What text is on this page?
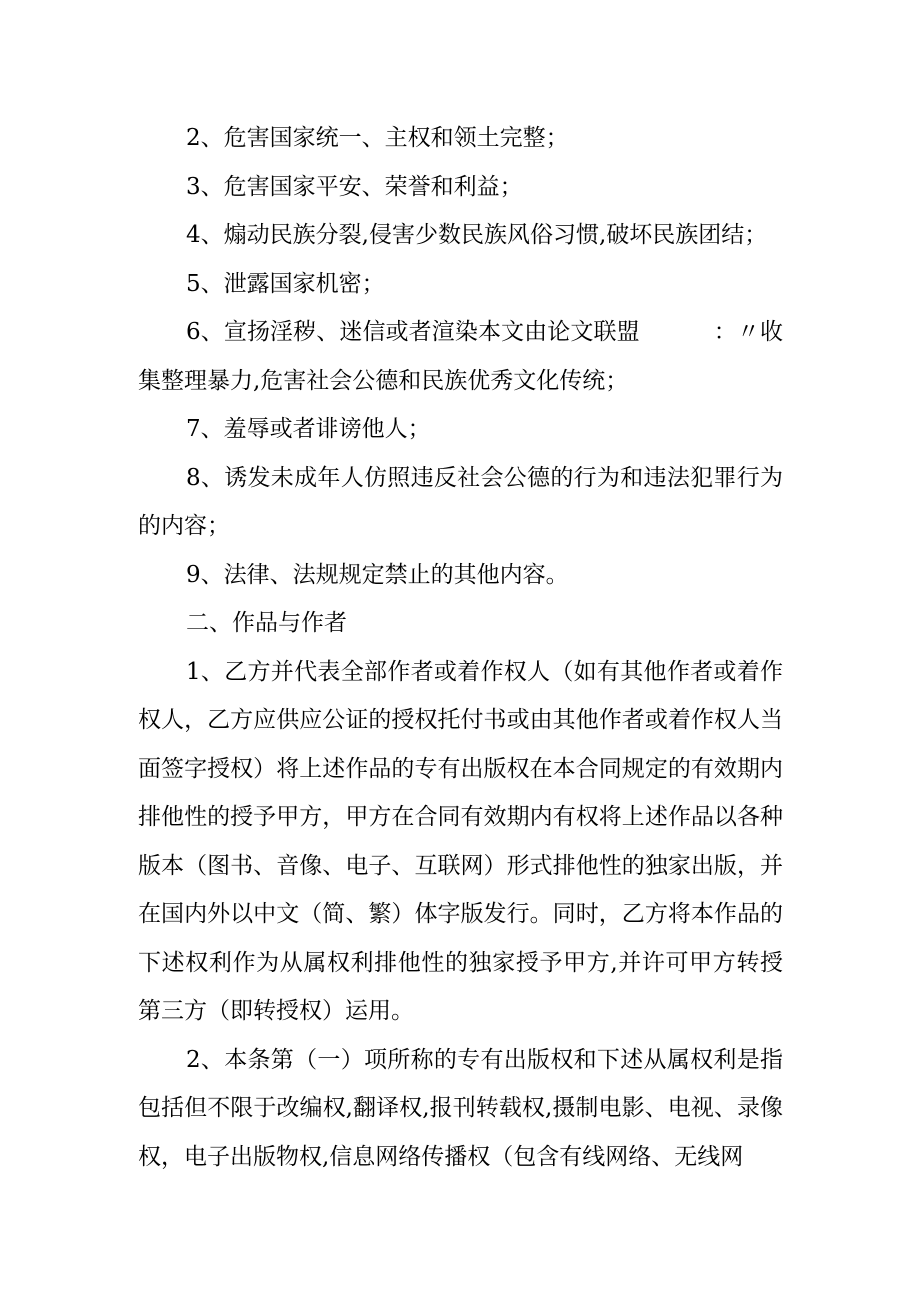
2、危害国家统一、主权和领土完整；

3、危害国家平安、荣誉和利益；

4、煽动民族分裂,侵害少数民族风俗习惯,破坏民族团结；

5、泄露国家机密；

6、宣扬淫秽、迷信或者渲染本文由论文联盟          ：〃收集整理暴力,危害社会公德和民族优秀文化传统；

7、羞辱或者诽谤他人；

8、诱发未成年人仿照违反社会公德的行为和违法犯罪行为的内容；

9、法律、法规规定禁止的其他内容。

二、作品与作者

1、乙方并代表全部作者或着作权人（如有其他作者或着作权人，乙方应供应公证的授权托付书或由其他作者或着作权人当面签字授权）将上述作品的专有出版权在本合同规定的有效期内排他性的授予甲方，甲方在合同有效期内有权将上述作品以各种版本（图书、音像、电子、互联网）形式排他性的独家出版，并在国内外以中文（简、繁）体字版发行。同时，乙方将本作品的下述权利作为从属权利排他性的独家授予甲方,并许可甲方转授第三方（即转授权）运用。

2、本条第（一）项所称的专有出版权和下述从属权利是指包括但不限于改编权,翻译权,报刊转载权,摄制电影、电视、录像权，电子出版物权,信息网络传播权（包含有线网络、无线网
